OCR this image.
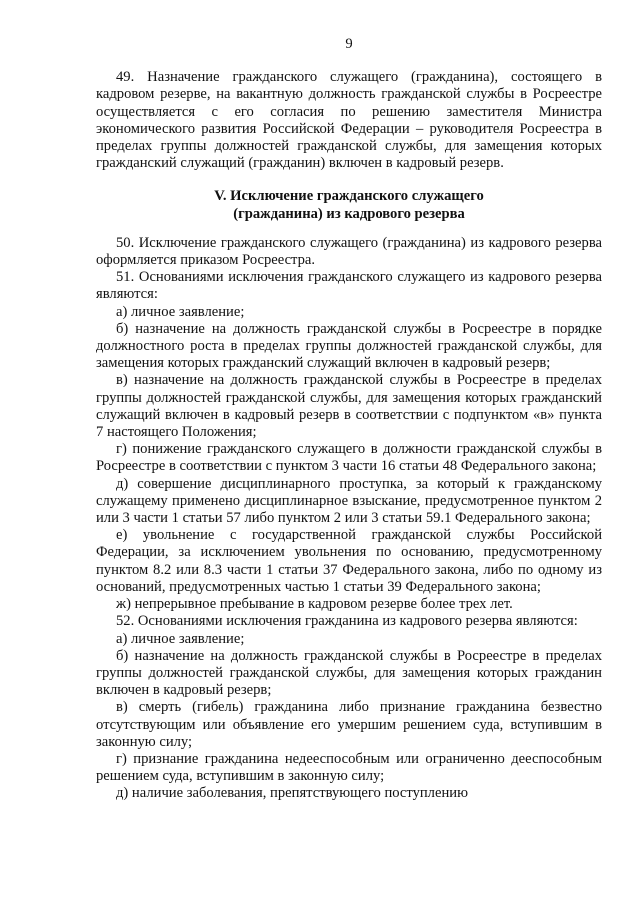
9

49. Назначение гражданского служащего (гражданина), состоящего в кадровом резерве, на вакантную должность гражданской службы в Росреестре осуществляется с его согласия по решению заместителя Министра экономического развития Российской Федерации – руководителя Росреестра в пределах группы должностей гражданской службы, для замещения которых гражданский служащий (гражданин) включен в кадровый резерв.

V. Исключение гражданского служащего
(гражданина) из кадрового резерва

50. Исключение гражданского служащего (гражданина) из кадрового резерва оформляется приказом Росреестра.

51. Основаниями исключения гражданского служащего из кадрового резерва являются:

а) личное заявление;

б) назначение на должность гражданской службы в Росреестре в порядке должностного роста в пределах группы должностей гражданской службы, для замещения которых гражданский служащий включен в кадровый резерв;

в) назначение на должность гражданской службы в Росреестре в пределах группы должностей гражданской службы, для замещения которых гражданский служащий включен в кадровый резерв в соответствии с подпунктом «в» пункта 7 настоящего Положения;

г) понижение гражданского служащего в должности гражданской службы в Росреестре в соответствии с пунктом 3 части 16 статьи 48 Федерального закона;

д) совершение дисциплинарного проступка, за который к гражданскому служащему применено дисциплинарное взыскание, предусмотренное пунктом 2 или 3 части 1 статьи 57 либо пунктом 2 или 3 статьи 59.1 Федерального закона;

е) увольнение с государственной гражданской службы Российской Федерации, за исключением увольнения по основанию, предусмотренному пунктом 8.2 или 8.3 части 1 статьи 37 Федерального закона, либо по одному из оснований, предусмотренных частью 1 статьи 39 Федерального закона;

ж) непрерывное пребывание в кадровом резерве более трех лет.

52. Основаниями исключения гражданина из кадрового резерва являются:

а) личное заявление;

б) назначение на должность гражданской службы в Росреестре в пределах группы должностей гражданской службы, для замещения которых гражданин включен в кадровый резерв;

в) смерть (гибель) гражданина либо признание гражданина безвестно отсутствующим или объявление его умершим решением суда, вступившим в законную силу;

г) признание гражданина недееспособным или ограниченно дееспособным решением суда, вступившим в законную силу;

д) наличие заболевания, препятствующего поступлению
